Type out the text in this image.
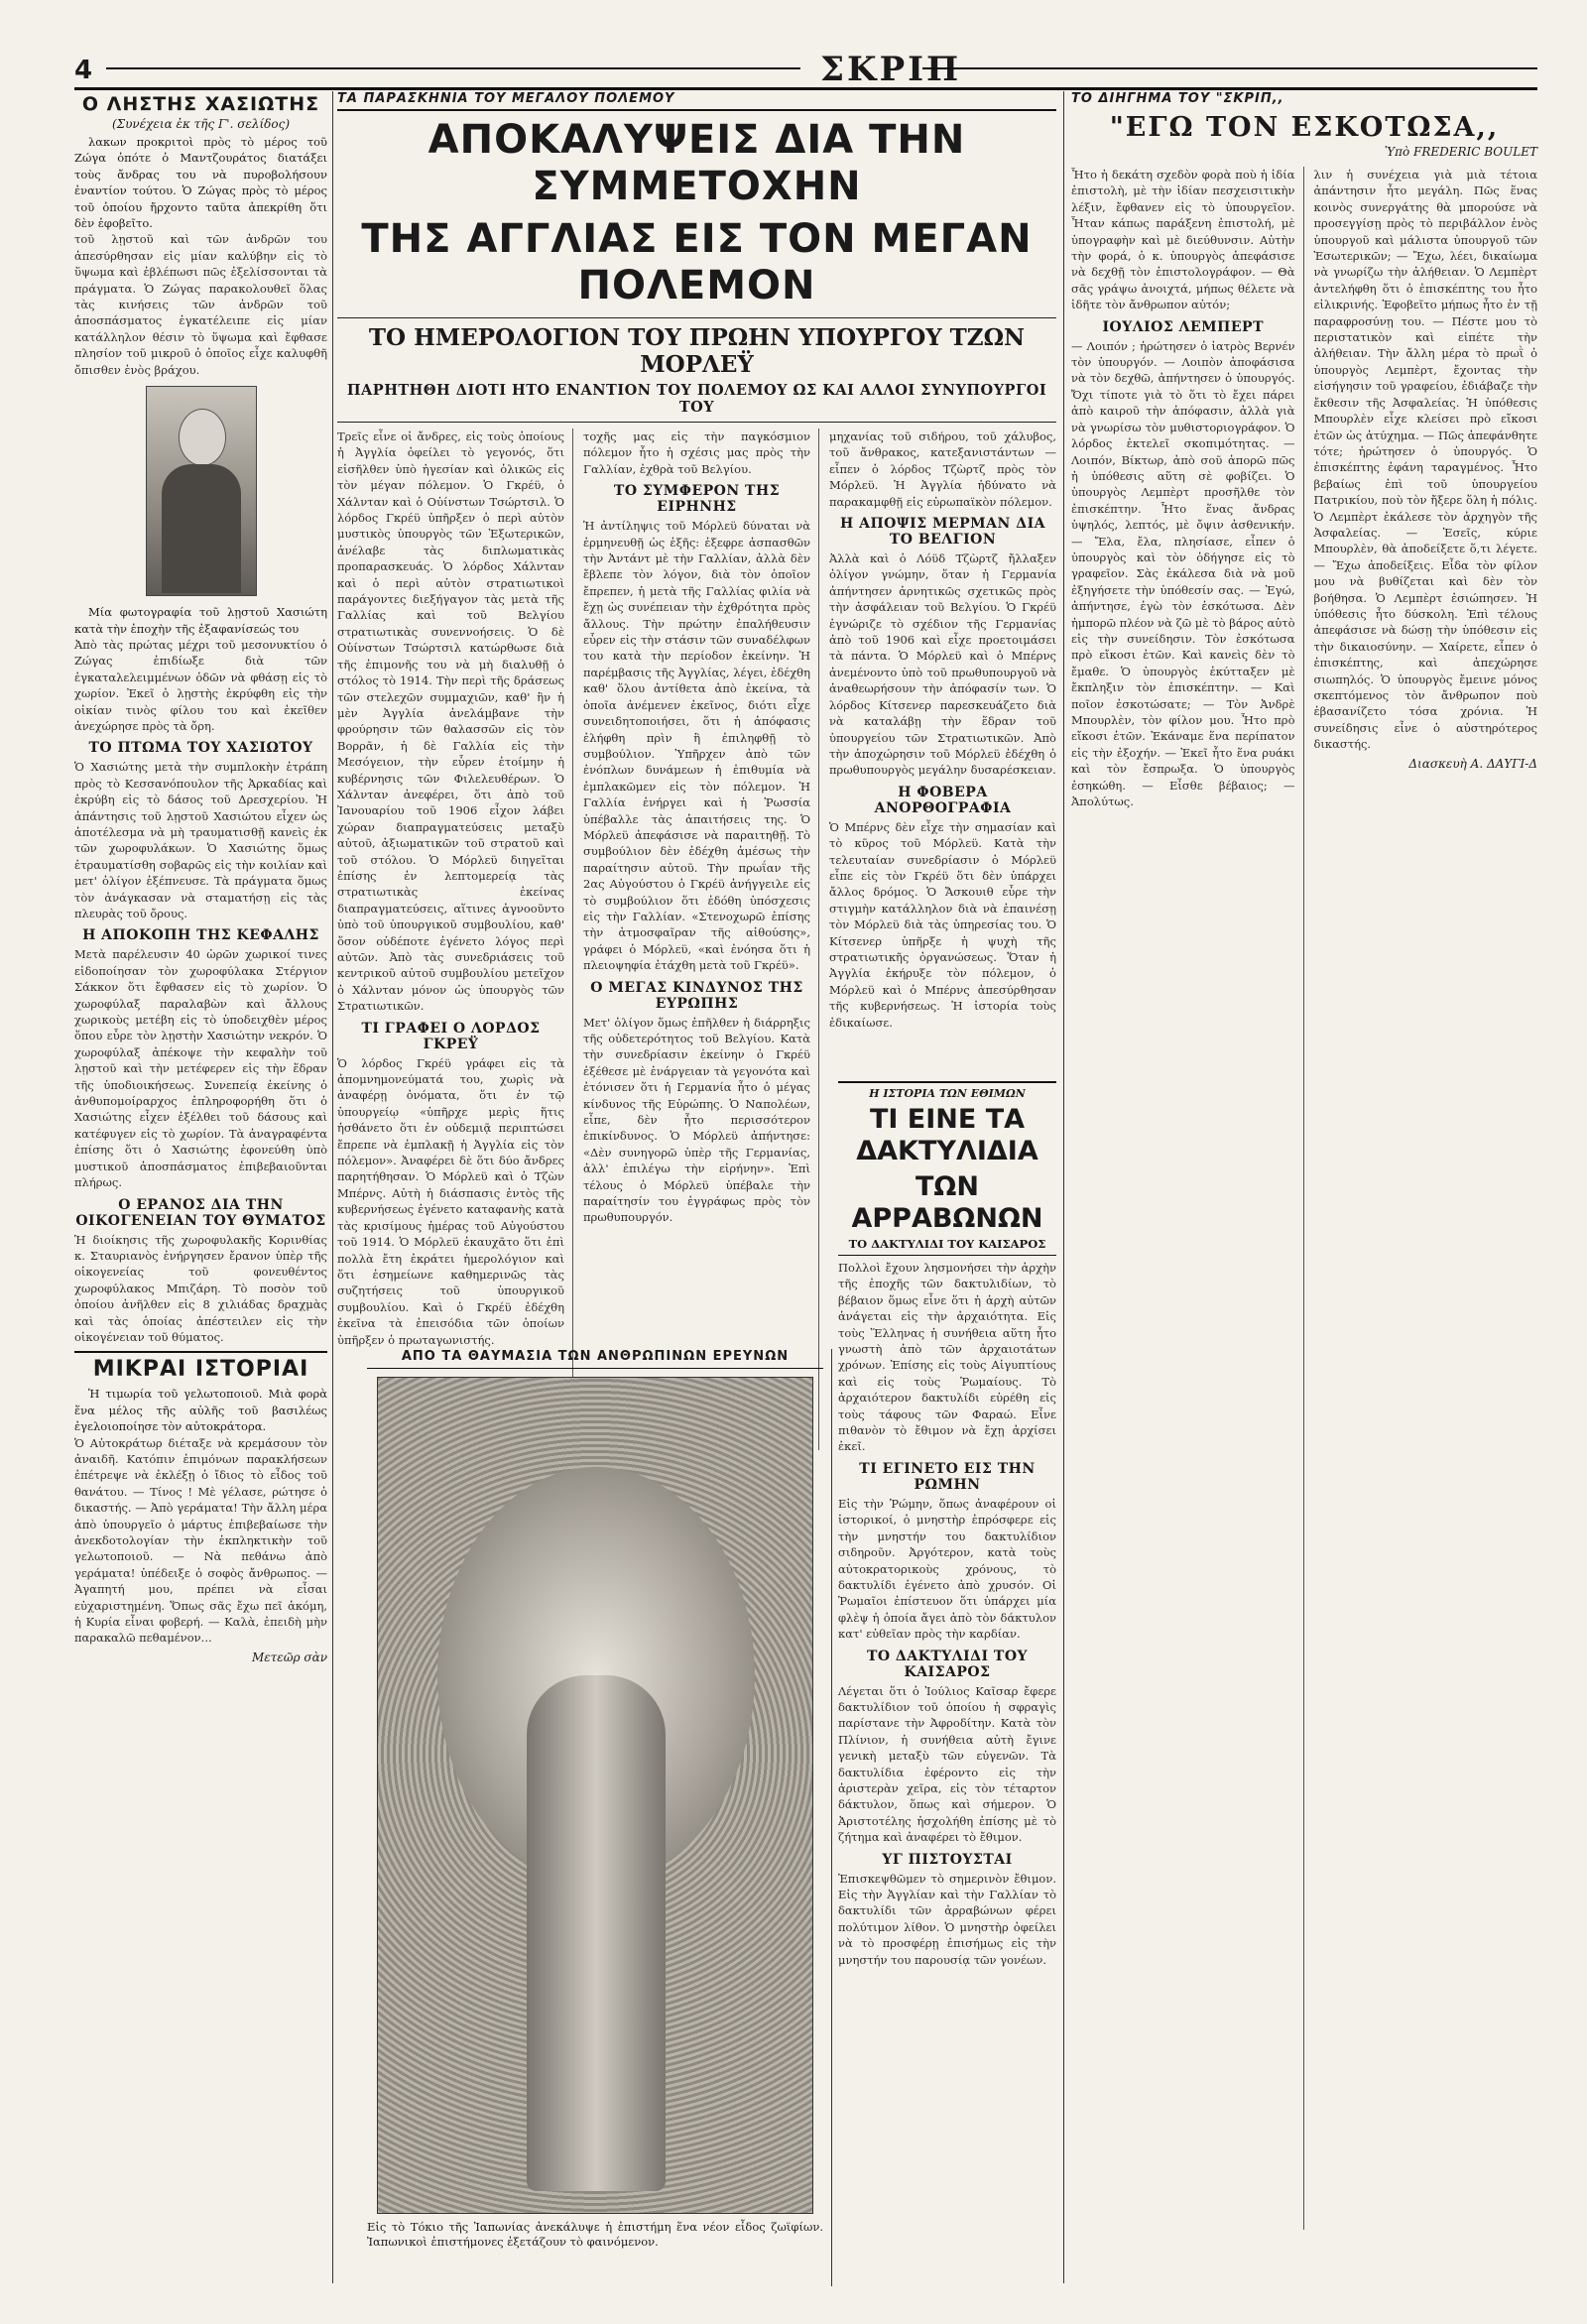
4	ΣΚΡΙΠ
Ο ΛΗΣΤΗΣ ΧΑΣΙΩΤΗΣ
(Συνέχεια ἐκ τῆς Γ'. σελίδος)

λακων προκριτοὶ πρὸς τὸ μέρος τοῦ Ζώγα ὁπότε ὁ Μαντζουράτος διατάξει τοὺς ἄνδρας του νὰ πυροβολήσουν ἐναντίον τούτου. Ὁ Ζώγας πρὸς τὸ μέρος τοῦ ὁποίου ἤρχοντο ταῦτα ἀπεκρίθη ὅτι δὲν ἐφοβεῖτο.

τοῦ λῃστοῦ καὶ τῶν ἀνδρῶν του ἀπεσύρθησαν εἰς μίαν καλύβην εἰς τὸ ὕψωμα καὶ ἐβλέπωσι πῶς ἐξελίσσονται τὰ πράγματα. Ὁ Ζώγας παρακολουθεῖ ὅλας τὰς κινήσεις τῶν ἀνδρῶν τοῦ ἀποσπάσματος ἐγκατέλειπε εἰς μίαν κατάλληλον θέσιν τὸ ὕψωμα καὶ ἔφθασε πλησίον τοῦ μικροῦ ὁ ὁποῖος εἶχε καλυφθῆ ὄπισθεν ἑνὸς βράχου.

Μία φωτογραφία τοῦ λῃστοῦ Χασιώτη κατὰ τὴν ἐποχὴν τῆς ἐξαφανίσεώς του

Ἀπὸ τὰς πρώτας μέχρι τοῦ μεσονυκτίου ὁ Ζώγας ἐπιδίωξε διὰ τῶν ἐγκαταλελειμμένων ὁδῶν νὰ φθάσῃ εἰς τὸ χωρίον. Ἐκεῖ ὁ λῃστὴς ἐκρύφθη εἰς τὴν οἰκίαν τινὸς φίλου του καὶ ἐκεῖθεν ἀνεχώρησε πρὸς τὰ ὄρη.
ΤΟ ΠΤΩΜΑ ΤΟΥ ΧΑΣΙΩΤΟΥ
Ὁ Χασιώτης μετὰ τὴν συμπλοκὴν ἐτράπη πρὸς τὸ Κεσσανόπουλον τῆς Ἀρκαδίας καὶ ἐκρύβη εἰς τὸ δάσος τοῦ Δρεσχερίου. Ἡ ἀπάντησις τοῦ λῃστοῦ Χασιώτου εἶχεν ὡς ἀποτέλεσμα νὰ μὴ τραυματισθῇ κανεὶς ἐκ τῶν χωροφυλάκων. Ὁ Χασιώτης ὅμως ἐτραυματίσθη σοβαρῶς εἰς τὴν κοιλίαν καὶ μετ' ὀλίγον ἐξέπνευσε. Τὰ πράγματα ὅμως τὸν ἀνάγκασαν νὰ σταματήσῃ εἰς τὰς πλευρὰς τοῦ ὄρους.
Η ΑΠΟΚΟΠΗ ΤΗΣ ΚΕΦΑΛΗΣ
Μετὰ παρέλευσιν 40 ὡρῶν χωρικοί τινες εἰδοποίησαν τὸν χωροφύλακα Στέργιον Σάκκον ὅτι ἔφθασεν εἰς τὸ χωρίον. Ὁ χωροφύλαξ παραλαβὼν καὶ ἄλλους χωρικοὺς μετέβη εἰς τὸ ὑποδειχθὲν μέρος ὅπου εὗρε τὸν λῃστὴν Χασιώτην νεκρόν. Ὁ χωροφύλαξ ἀπέκοψε τὴν κεφαλὴν τοῦ λῃστοῦ καὶ τὴν μετέφερεν εἰς τὴν ἕδραν τῆς ὑποδιοικήσεως. Συνεπείᾳ ἐκείνης ὁ ἀνθυπομοίραρχος ἐπληροφορήθη ὅτι ὁ Χασιώτης εἶχεν ἐξέλθει τοῦ δάσους καὶ κατέφυγεν εἰς τὸ χωρίον. Τὰ ἀναγραφέντα ἐπίσης ὅτι ὁ Χασιώτης ἐφονεύθη ὑπὸ μυστικοῦ ἀποσπάσματος ἐπιβεβαιοῦνται πλήρως.
Ο ΕΡΑΝΟΣ ΔΙΑ ΤΗΝ ΟΙΚΟΓΕΝΕΙΑΝ ΤΟΥ ΘΥΜΑΤΟΣ
Ἡ διοίκησις τῆς χωροφυλακῆς Κορινθίας κ. Σταυριανὸς ἐνήργησεν ἔρανον ὑπὲρ τῆς οἰκογενείας τοῦ φονευθέντος χωροφύλακος Μπιζάρη. Τὸ ποσὸν τοῦ ὁποίου ἀνῆλθεν εἰς 8 χιλιάδας δραχμὰς καὶ τὰς ὁποίας ἀπέστειλεν εἰς τὴν οἰκογένειαν τοῦ θύματος.
ΜΙΚΡΑΙ ΙΣΤΟΡΙΑΙ

Ἡ τιμωρία τοῦ γελωτοποιοῦ. Μιὰ φορὰ ἕνα μέλος τῆς αὐλῆς τοῦ βασιλέως ἐγελοιοποίησε τὸν αὐτοκράτορα.

Ὁ Αὐτοκράτωρ διέταξε νὰ κρεμάσουν τὸν ἀναιδῆ. Κατόπιν ἐπιμόνων παρακλήσεων ἐπέτρεψε νὰ ἐκλέξῃ ὁ ἴδιος τὸ εἶδος τοῦ θανάτου. — Τίνος ! Μὲ γέλασε, ρώτησε ὁ δικαστής. — Ἀπὸ γεράματα! Τὴν ἄλλη μέρα ἀπὸ ὑπουργεῖο ὁ μάρτυς ἐπιβεβαίωσε τὴν ἀνεκδοτολογίαν τὴν ἐκπληκτικὴν τοῦ γελωτοποιοῦ. — Νὰ πεθάνω ἀπὸ γεράματα! ὑπέδειξε ὁ σοφὸς ἄνθρωπος. — Ἀγαπητή μου, πρέπει νὰ εἶσαι εὐχαριστημένη. Ὅπως σᾶς ἔχω πεῖ ἀκόμη, ἡ Κυρία εἶναι φοβερή. — Καλὰ, ἐπειδὴ μὴν παρακαλῶ πεθαμένον...
Μετεῶρ σὰν
ΤΑ ΠΑΡΑΣΚΗΝΙΑ ΤΟΥ ΜΕΓΑΛΟΥ ΠΟΛΕΜΟΥ
ΑΠΟΚΑΛΥΨΕΙΣ ΔΙΑ ΤΗΝ ΣΥΜΜΕΤΟΧΗΝ
ΤΗΣ ΑΓΓΛΙΑΣ ΕΙΣ ΤΟΝ ΜΕΓΑΝ ΠΟΛΕΜΟΝ
ΤΟ ΗΜΕΡΟΛΟΓΙΟΝ ΤΟΥ ΠΡΩΗΝ ΥΠΟΥΡΓΟΥ ΤΖΩΝ ΜΟΡΛΕΫ
ΠΑΡΗΤΗΘΗ ΔΙΟΤΙ ΗΤΟ ΕΝΑΝΤΙΟΝ ΤΟΥ ΠΟΛΕΜΟΥ ΩΣ ΚΑΙ ΑΛΛΟΙ ΣΥΝΥΠΟΥΡΓΟΙ ΤΟΥ
Τρεῖς εἶνε οἱ ἄνδρες, εἰς τοὺς ὁποίους ἡ Ἀγγλία ὀφείλει τὸ γεγονός, ὅτι εἰσῆλθεν ὑπὸ ἡγεσίαν καὶ ὁλικῶς εἰς τὸν μέγαν πόλεμον. Ὁ Γκρέϋ, ὁ Χάλνταν καὶ ὁ Οὐίνστων Τσώρτσιλ. Ὁ λόρδος Γκρέϋ ὑπῆρξεν ὁ περὶ αὐτὸν μυστικὸς ὑπουργὸς τῶν Ἐξωτερικῶν, ἀνέλαβε τὰς διπλωματικὰς προπαρασκευάς. Ὁ λόρδος Χάλνταν καὶ ὁ περὶ αὐτὸν στρατιωτικοὶ παράγοντες διεξήγαγον τὰς μετὰ τῆς Γαλλίας καὶ τοῦ Βελγίου στρατιωτικὰς συνεννοήσεις. Ὁ δὲ Οὐίνστων Τσώρτσιλ κατώρθωσε διὰ τῆς ἐπιμονῆς του νὰ μὴ διαλυθῇ ὁ στόλος τὸ 1914. Τὴν περὶ τῆς δράσεως τῶν στελεχῶν συμμαχιῶν, καθ' ἣν ἡ μὲν Ἀγγλία ἀνελάμβανε τὴν φρούρησιν τῶν θαλασσῶν εἰς τὸν Βορρᾶν, ἡ δὲ Γαλλία εἰς τὴν Μεσόγειον, τὴν εὗρεν ἐτοίμην ἡ κυβέρνησις τῶν Φιλελευθέρων. Ὁ Χάλνταν ἀνεφέρει, ὅτι ἀπὸ τοῦ Ἰανουαρίου τοῦ 1906 εἶχον λάβει χώραν διαπραγματεύσεις μεταξὺ αὐτοῦ, ἀξιωματικῶν τοῦ στρατοῦ καὶ τοῦ στόλου. Ὁ Μόρλεϋ διηγεῖται ἐπίσης ἐν λεπτομερείᾳ τὰς στρατιωτικὰς ἐκείνας διαπραγματεύσεις, αἵτινες ἀγνοοῦντο ὑπὸ τοῦ ὑπουργικοῦ συμβουλίου, καθ' ὅσον οὐδέποτε ἐγένετο λόγος περὶ αὐτῶν. Ἀπὸ τὰς συνεδριάσεις τοῦ κεντρικοῦ αὐτοῦ συμβουλίου μετεῖχον ὁ Χάλνταν μόνον ὡς ὑπουργὸς τῶν Στρατιωτικῶν.
ΤΙ ΓΡΑΦΕΙ Ο ΛΟΡΔΟΣ ΓΚΡΕΫ
Ὁ λόρδος Γκρέϋ γράφει εἰς τὰ ἀπομνημονεύματά του, χωρὶς νὰ ἀναφέρῃ ὀνόματα, ὅτι ἐν τῷ ὑπουργείῳ «ὑπῆρχε μερὶς ἥτις ἠσθάνετο ὅτι ἐν οὐδεμιᾷ περιπτώσει ἔπρεπε νὰ ἐμπλακῇ ἡ Ἀγγλία εἰς τὸν πόλεμον». Ἀναφέρει δὲ ὅτι δύο ἄνδρες παρητήθησαν. Ὁ Μόρλεϋ καὶ ὁ Τζὼν Μπέρνς. Αὐτὴ ἡ διάσπασις ἐντὸς τῆς κυβερνήσεως ἐγένετο καταφανὴς κατὰ τὰς κρισίμους ἡμέρας τοῦ Αὐγούστου τοῦ 1914. Ὁ Μόρλεϋ ἐκαυχᾶτο ὅτι ἐπὶ πολλὰ ἔτη ἐκράτει ἡμερολόγιον καὶ ὅτι ἐσημείωνε καθημερινῶς τὰς συζητήσεις τοῦ ὑπουργικοῦ συμβουλίου. Καὶ ὁ Γκρέϋ ἐδέχθη ἐκεῖνα τὰ ἐπεισόδια τῶν ὁποίων ὑπῆρξεν ὁ πρωταγωνιστής.
τοχῆς μας εἰς τὴν παγκόσμιον πόλεμον ἦτο ἡ σχέσις μας πρὸς τὴν Γαλλίαν, ἐχθρὰ τοῦ Βελγίου.
ΤΟ ΣΥΜΦΕΡΟΝ ΤΗΣ ΕΙΡΗΝΗΣ
Ἡ ἀντίληψις τοῦ Μόρλεϋ δύναται νὰ ἐρμηνευθῇ ὡς ἑξῆς: ἐξεφρε ἀσπασθῶν τὴν Ἀντάντ μὲ τὴν Γαλλίαν, ἀλλὰ δὲν ἔβλεπε τὸν λόγον, διὰ τὸν ὁποῖον ἔπρεπεν, ἡ μετὰ τῆς Γαλλίας φιλία νὰ ἔχῃ ὡς συνέπειαν τὴν ἐχθρότητα πρὸς ἄλλους. Τὴν πρώτην ἐπαλήθευσιν εὗρεν εἰς τὴν στάσιν τῶν συναδέλφων του κατὰ τὴν περίοδον ἐκείνην. Ἡ παρέμβασις τῆς Ἀγγλίας, λέγει, ἐδέχθη καθ' ὅλου ἀντίθετα ἀπὸ ἐκείνα, τὰ ὁποῖα ἀνέμενεν ἐκεῖνος, διότι εἶχε συνειδητοποιήσει, ὅτι ἡ ἀπόφασις ἐλήφθη πρὶν ἢ ἐπιληφθῇ τὸ συμβούλιον. Ὑπῆρχεν ἀπὸ τῶν ἐνόπλων δυνάμεων ἡ ἐπιθυμία νὰ ἐμπλακῶμεν εἰς τὸν πόλεμον. Ἡ Γαλλία ἐνήργει καὶ ἡ Ῥωσσία ὑπέβαλλε τὰς ἀπαιτήσεις της. Ὁ Μόρλεϋ ἀπεφάσισε νὰ παραιτηθῇ. Τὸ συμβούλιον δὲν ἐδέχθη ἀμέσως τὴν παραίτησιν αὐτοῦ. Τὴν πρωΐαν τῆς 2ας Αὐγούστου ὁ Γκρέϋ ἀνήγγειλε εἰς τὸ συμβούλιον ὅτι ἐδόθη ὑπόσχεσις εἰς τὴν Γαλλίαν. «Στενοχωρῶ ἐπίσης τὴν ἀτμοσφαῖραν τῆς αἰθούσης», γράφει ὁ Μόρλεϋ, «καὶ ἐνόησα ὅτι ἡ πλειοψηφία ἐτάχθη μετὰ τοῦ Γκρέϋ».
Ο ΜΕΓΑΣ ΚΙΝΔΥΝΟΣ ΤΗΣ ΕΥΡΩΠΗΣ
Μετ' ὀλίγον ὅμως ἐπῆλθεν ἡ διάρρηξις τῆς οὐδετερότητος τοῦ Βελγίου. Κατὰ τὴν συνεδρίασιν ἐκείνην ὁ Γκρέϋ ἐξέθεσε μὲ ἐνάργειαν τὰ γεγονότα καὶ ἐτόνισεν ὅτι ἡ Γερμανία ἦτο ὁ μέγας κίνδυνος τῆς Εὐρώπης. Ὁ Ναπολέων, εἶπε, δὲν ἦτο περισσότερον ἐπικίνδυνος. Ὁ Μόρλεϋ ἀπήντησε: «Δὲν συνηγορῶ ὑπὲρ τῆς Γερμανίας, ἀλλ' ἐπιλέγω τὴν εἰρήνην». Ἐπὶ τέλους ὁ Μόρλεϋ ὑπέβαλε τὴν παραίτησίν του ἐγγράφως πρὸς τὸν πρωθυπουργόν.
μηχανίας τοῦ σιδήρου, τοῦ χάλυβος, τοῦ ἄνθρακος, κατεξανιστάντων — εἶπεν ὁ λόρδος Τζὼρτζ πρὸς τὸν Μόρλεϋ. Ἡ Ἀγγλία ἠδύνατο νὰ παρακαμφθῇ εἰς εὐρωπαϊκὸν πόλεμον.
Η ΑΠΟΨΙΣ ΜΕΡΜΑΝ ΔΙΑ ΤΟ ΒΕΛΓΙΟΝ
Ἀλλὰ καὶ ὁ Λόϋδ Τζὼρτζ ἤλλαξεν ὀλίγον γνώμην, ὅταν ἡ Γερμανία ἀπήντησεν ἀρνητικῶς σχετικῶς πρὸς τὴν ἀσφάλειαν τοῦ Βελγίου. Ὁ Γκρέϋ ἐγνώριζε τὸ σχέδιον τῆς Γερμανίας ἀπὸ τοῦ 1906 καὶ εἶχε προετοιμάσει τὰ πάντα. Ὁ Μόρλεϋ καὶ ὁ Μπέρνς ἀνεμένοντο ὑπὸ τοῦ πρωθυπουργοῦ νὰ ἀναθεωρήσουν τὴν ἀπόφασίν των. Ὁ λόρδος Κίτσενερ παρεσκευάζετο διὰ νὰ καταλάβῃ τὴν ἕδραν τοῦ ὑπουργείου τῶν Στρατιωτικῶν. Ἀπὸ τὴν ἀποχώρησιν τοῦ Μόρλεϋ ἐδέχθη ὁ πρωθυπουργὸς μεγάλην δυσαρέσκειαν.
Η ΦΟΒΕΡΑ ΑΝΟΡΘΟΓΡΑΦΙΑ
Ὁ Μπέρνς δὲν εἶχε τὴν σημασίαν καὶ τὸ κῦρος τοῦ Μόρλεϋ. Κατὰ τὴν τελευταίαν συνεδρίασιν ὁ Μόρλεϋ εἶπε εἰς τὸν Γκρέϋ ὅτι δὲν ὑπάρχει ἄλλος δρόμος. Ὁ Ἄσκουιθ εὗρε τὴν στιγμὴν κατάλληλον διὰ νὰ ἐπαινέσῃ τὸν Μόρλεϋ διὰ τὰς ὑπηρεσίας του. Ὁ Κίτσενερ ὑπῆρξε ἡ ψυχὴ τῆς στρατιωτικῆς ὀργανώσεως. Ὅταν ἡ Ἀγγλία ἐκήρυξε τὸν πόλεμον, ὁ Μόρλεϋ καὶ ὁ Μπέρνς ἀπεσύρθησαν τῆς κυβερνήσεως. Ἡ ἱστορία τοὺς ἐδικαίωσε.
ΑΠΟ ΤΑ ΘΑΥΜΑΣΙΑ ΤΩΝ ΑΝΘΡΩΠΙΝΩΝ ΕΡΕΥΝΩΝ
Εἰς τὸ Τόκιο τῆς Ἰαπωνίας ἀνεκάλυψε ἡ ἐπιστήμη ἕνα νέον εἶδος ζωϊφίων. Ἰαπωνικοὶ ἐπιστήμονες ἐξετάζουν τὸ φαινόμενον.
Η ΙΣΤΟΡΙΑ ΤΩΝ ΕΘΙΜΩΝ
ΤΙ ΕΙΝΕ ΤΑ ΔΑΚΤΥΛΙΔΙΑ
ΤΩΝ ΑΡΡΑΒΩΝΩΝ
ΤΟ ΔΑΚΤΥΛΙΔΙ ΤΟΥ ΚΑΙΣΑΡΟΣ
Πολλοὶ ἔχουν λησμονήσει τὴν ἀρχὴν τῆς ἐποχῆς τῶν δακτυλιδίων, τὸ βέβαιον ὅμως εἶνε ὅτι ἡ ἀρχὴ αὐτῶν ἀνάγεται εἰς τὴν ἀρχαιότητα. Εἰς τοὺς Ἕλληνας ἡ συνήθεια αὕτη ἦτο γνωστὴ ἀπὸ τῶν ἀρχαιοτάτων χρόνων. Ἐπίσης εἰς τοὺς Αἰγυπτίους καὶ εἰς τοὺς Ῥωμαίους. Τὸ ἀρχαιότερον δακτυλίδι εὑρέθη εἰς τοὺς τάφους τῶν Φαραώ. Εἶνε πιθανὸν τὸ ἔθιμον νὰ ἔχῃ ἀρχίσει ἐκεῖ.
ΤΙ ΕΓΙΝΕΤΟ ΕΙΣ ΤΗΝ ΡΩΜΗΝ
Εἰς τὴν Ῥώμην, ὅπως ἀναφέρουν οἱ ἱστορικοί, ὁ μνηστὴρ ἐπρόσφερε εἰς τὴν μνηστήν του δακτυλίδιον σιδηροῦν. Ἀργότερον, κατὰ τοὺς αὐτοκρατορικοὺς χρόνους, τὸ δακτυλίδι ἐγένετο ἀπὸ χρυσόν. Οἱ Ῥωμαῖοι ἐπίστευον ὅτι ὑπάρχει μία φλὲψ ἡ ὁποία ἄγει ἀπὸ τὸν δάκτυλον κατ' εὐθεῖαν πρὸς τὴν καρδίαν.
ΤΟ ΔΑΚΤΥΛΙΔΙ ΤΟΥ ΚΑΙΣΑΡΟΣ
Λέγεται ὅτι ὁ Ἰούλιος Καῖσαρ ἔφερε δακτυλίδιον τοῦ ὁποίου ἡ σφραγὶς παρίστανε τὴν Ἀφροδίτην. Κατὰ τὸν Πλίνιον, ἡ συνήθεια αὐτὴ ἔγινε γενικὴ μεταξὺ τῶν εὐγενῶν. Τὰ δακτυλίδια ἐφέροντο εἰς τὴν ἀριστερὰν χεῖρα, εἰς τὸν τέταρτον δάκτυλον, ὅπως καὶ σήμερον. Ὁ Ἀριστοτέλης ἠσχολήθη ἐπίσης μὲ τὸ ζήτημα καὶ ἀναφέρει τὸ ἔθιμον.
ΥΓ ΠΙΣΤΟΥΣΤΑΙ
Ἐπισκεψθῶμεν τὸ σημερινὸν ἔθιμον. Εἰς τὴν Ἀγγλίαν καὶ τὴν Γαλλίαν τὸ δακτυλίδι τῶν ἀρραβώνων φέρει πολύτιμον λίθον. Ὁ μνηστὴρ ὀφείλει νὰ τὸ προσφέρῃ ἐπισήμως εἰς τὴν μνηστήν του παρουσίᾳ τῶν γονέων.
ΤΟ ΔΙΗΓΗΜΑ ΤΟΥ "ΣΚΡΙΠ,,
"ΕΓΩ ΤΟΝ ΕΣΚΟΤΩΣΑ,,
Ὑπὸ FREDERIC BOULET
Ἦτο ἡ δεκάτη σχεδὸν φορὰ ποὺ ἡ ἰδία ἐπιστολὴ, μὲ τὴν ἰδίαν πεσχεισιτικὴν λέξιν, ἔφθανεν εἰς τὸ ὑπουργεῖον. Ἦταν κάπως παράξενη ἐπιστολή, μὲ ὑπογραφὴν καὶ μὲ διεύθυνσιν. Αὐτὴν τὴν φορά, ὁ κ. ὑπουργὸς ἀπεφάσισε νὰ δεχθῇ τὸν ἐπιστολογράφον. — Θὰ σᾶς γράψω ἀνοιχτά, μήπως θέλετε νὰ ἰδῆτε τὸν ἄνθρωπον αὐτόν;
ΙΟΥΛΙΟΣ ΛΕΜΠΕΡΤ
— Λοιπόν ; ἠρώτησεν ὁ ἰατρὸς Βερνέν τὸν ὑπουργόν. — Λοιπὸν ἀποφάσισα νὰ τὸν δεχθῶ, ἀπήντησεν ὁ ὑπουργός. Ὄχι τίποτε γιὰ τὸ ὅτι τὸ ἔχει πάρει ἀπὸ καιροῦ τὴν ἀπόφασιν, ἀλλὰ γιὰ νὰ γνωρίσω τὸν μυθιστοριογράφον. Ὁ λόρδος ἐκτελεῖ σκοπιμότητας. — Λοιπόν, Βίκτωρ, ἀπὸ σοῦ ἀπορῶ πῶς ἡ ὑπόθεσις αὕτη σὲ φοβίζει. Ὁ ὑπουργὸς Λεμπὲρτ προσῆλθε τὸν ἐπισκέπτην. Ἦτο ἕνας ἄνδρας ὑψηλός, λεπτός, μὲ ὄψιν ἀσθενικήν. — Ἔλα, ἔλα, πλησίασε, εἶπεν ὁ ὑπουργὸς καὶ τὸν ὁδήγησε εἰς τὸ γραφεῖον. Σὰς ἐκάλεσα διὰ νὰ μοῦ ἐξηγήσετε τὴν ὑπόθεσίν σας. — Ἐγώ, ἀπήντησε, ἐγὼ τὸν ἐσκότωσα. Δὲν ἠμπορῶ πλέον νὰ ζῶ μὲ τὸ βάρος αὐτὸ εἰς τὴν συνείδησιν. Τὸν ἐσκότωσα πρὸ εἴκοσι ἐτῶν. Καὶ κανεὶς δὲν τὸ ἔμαθε. Ὁ ὑπουργὸς ἐκύτταξεν μὲ ἔκπληξιν τὸν ἐπισκέπτην. — Καὶ ποῖον ἐσκοτώσατε; — Τὸν Ἀνδρὲ Μπουρλὲν, τὸν φίλον μου. Ἦτο πρὸ εἴκοσι ἐτῶν. Ἐκάναμε ἕνα περίπατον εἰς τὴν ἐξοχήν. — Ἐκεῖ ἦτο ἕνα ρυάκι καὶ τὸν ἔσπρωξα. Ὁ ὑπουργὸς ἐσηκώθη. — Εἶσθε βέβαιος; — Ἀπολύτως.
λιν ἡ συνέχεια γιὰ μιὰ τέτοια ἀπάντησιν ἦτο μεγάλη. Πῶς ἕνας κοινὸς συνεργάτης θὰ μπορούσε νὰ προσεγγίσῃ πρὸς τὸ περιβάλλον ἑνὸς ὑπουργοῦ καὶ μάλιστα ὑπουργοῦ τῶν Ἐσωτερικῶν; — Ἔχω, λέει, δικαίωμα νὰ γνωρίζω τὴν ἀλήθειαν. Ὁ Λεμπὲρτ ἀντελήφθη ὅτι ὁ ἐπισκέπτης του ἦτο εἰλικρινής. Ἐφοβεῖτο μήπως ἦτο ἐν τῇ παραφροσύνῃ του. — Πέστε μου τὸ περιστατικὸν καὶ εἰπέτε τὴν ἀλήθειαν. Τὴν ἄλλη μέρα τὸ πρωῒ ὁ ὑπουργὸς Λεμπὲρτ, ἔχοντας τὴν εἰσήγησιν τοῦ γραφείου, ἐδιάβαζε τὴν ἔκθεσιν τῆς Ἀσφαλείας. Ἡ ὑπόθεσις Μπουρλὲν εἶχε κλείσει πρὸ εἴκοσι ἐτῶν ὡς ἀτύχημα. — Πῶς ἀπεφάνθητε τότε; ἠρώτησεν ὁ ὑπουργός. Ὁ ἐπισκέπτης ἐφάνη ταραγμένος. Ἦτο βεβαίως ἐπὶ τοῦ ὑπουργείου Πατρικίου, ποὺ τὸν ἤξερε ὅλη ἡ πόλις. Ὁ Λεμπὲρτ ἐκάλεσε τὸν ἀρχηγὸν τῆς Ἀσφαλείας. — Ἐσεῖς, κύριε Μπουρλὲν, θὰ ἀποδείξετε ὅ,τι λέγετε. — Ἔχω ἀποδείξεις. Εἶδα τὸν φίλον μου νὰ βυθίζεται καὶ δὲν τὸν βοήθησα. Ὁ Λεμπὲρτ ἐσιώπησεν. Ἡ ὑπόθεσις ἦτο δύσκολη. Ἐπὶ τέλους ἀπεφάσισε νὰ δώσῃ τὴν ὑπόθεσιν εἰς τὴν δικαιοσύνην. — Χαίρετε, εἶπεν ὁ ἐπισκέπτης, καὶ ἀπεχώρησε σιωπηλός. Ὁ ὑπουργὸς ἔμεινε μόνος σκεπτόμενος τὸν ἄνθρωπον ποὺ ἐβασανίζετο τόσα χρόνια. Ἡ συνείδησις εἶνε ὁ αὐστηρότερος δικαστής.
Διασκευὴ Α. ΔΑΥΓΙ-Δ
